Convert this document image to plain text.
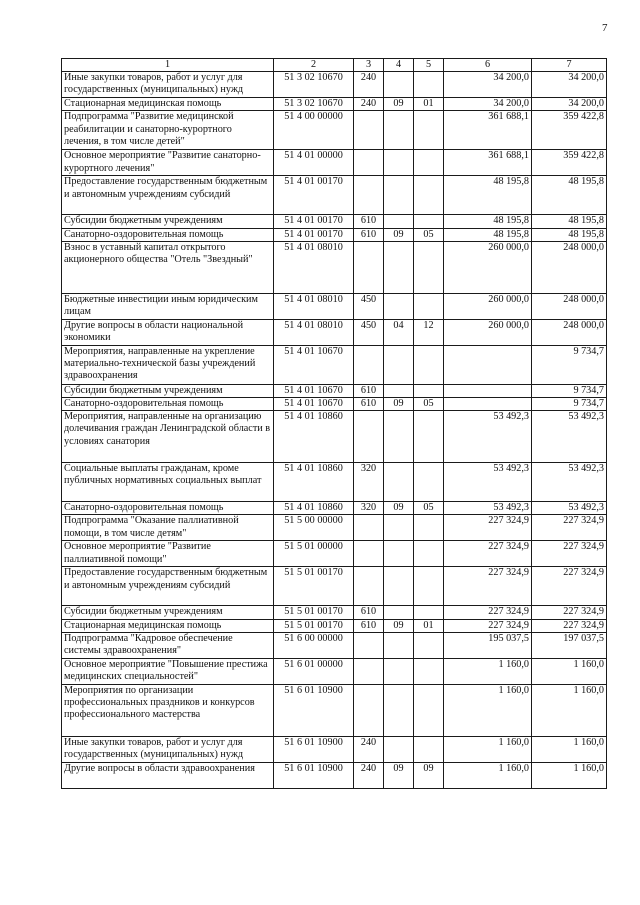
7
1	2	3	4	5	6	7
Иные закупки товаров, работ и услуг для государственных (муниципальных) нужд	51 3 02 10670	240			34 200,0	34 200,0
Стационарная медицинская помощь	51 3 02 10670	240	09	01	34 200,0	34 200,0
Подпрограмма "Развитие медицинской реабилитации и санаторно-курортного лечения, в том числе детей"	51 4 00 00000				361 688,1	359 422,8
Основное мероприятие "Развитие санаторно-курортного лечения"	51 4 01 00000				361 688,1	359 422,8
Предоставление государственным бюджетным и автономным учреждениям субсидий	51 4 01 00170				48 195,8	48 195,8
Субсидии бюджетным учреждениям	51 4 01 00170	610			48 195,8	48 195,8
Санаторно-оздоровительная помощь	51 4 01 00170	610	09	05	48 195,8	48 195,8
Взнос в уставный капитал открытого акционерного общества "Отель "Звездный"	51 4 01 08010				260 000,0	248 000,0
Бюджетные инвестиции иным юридическим лицам	51 4 01 08010	450			260 000,0	248 000,0
Другие вопросы в области национальной экономики	51 4 01 08010	450	04	12	260 000,0	248 000,0
Мероприятия, направленные на укрепление материально-технической базы учреждений здравоохранения	51 4 01 10670					9 734,7
Субсидии бюджетным учреждениям	51 4 01 10670	610				9 734,7
Санаторно-оздоровительная помощь	51 4 01 10670	610	09	05		9 734,7
Мероприятия, направленные на организацию долечивания граждан Ленинградской области в условиях санатория	51 4 01 10860				53 492,3	53 492,3
Социальные выплаты гражданам, кроме публичных нормативных социальных выплат	51 4 01 10860	320			53 492,3	53 492,3
Санаторно-оздоровительная помощь	51 4 01 10860	320	09	05	53 492,3	53 492,3
Подпрограмма "Оказание паллиативной помощи, в том числе детям"	51 5 00 00000				227 324,9	227 324,9
Основное мероприятие "Развитие паллиативной помощи"	51 5 01 00000				227 324,9	227 324,9
Предоставление государственным бюджетным и автономным учреждениям субсидий	51 5 01 00170				227 324,9	227 324,9
Субсидии бюджетным учреждениям	51 5 01 00170	610			227 324,9	227 324,9
Стационарная медицинская помощь	51 5 01 00170	610	09	01	227 324,9	227 324,9
Подпрограмма "Кадровое обеспечение системы здравоохранения"	51 6 00 00000				195 037,5	197 037,5
Основное мероприятие "Повышение престижа медицинских специальностей"	51 6 01 00000				1 160,0	1 160,0
Мероприятия по организации профессиональных праздников и конкурсов профессионального мастерства	51 6 01 10900				1 160,0	1 160,0
Иные закупки товаров, работ и услуг для государственных (муниципальных) нужд	51 6 01 10900	240			1 160,0	1 160,0
Другие вопросы в области здравоохранения	51 6 01 10900	240	09	09	1 160,0	1 160,0
